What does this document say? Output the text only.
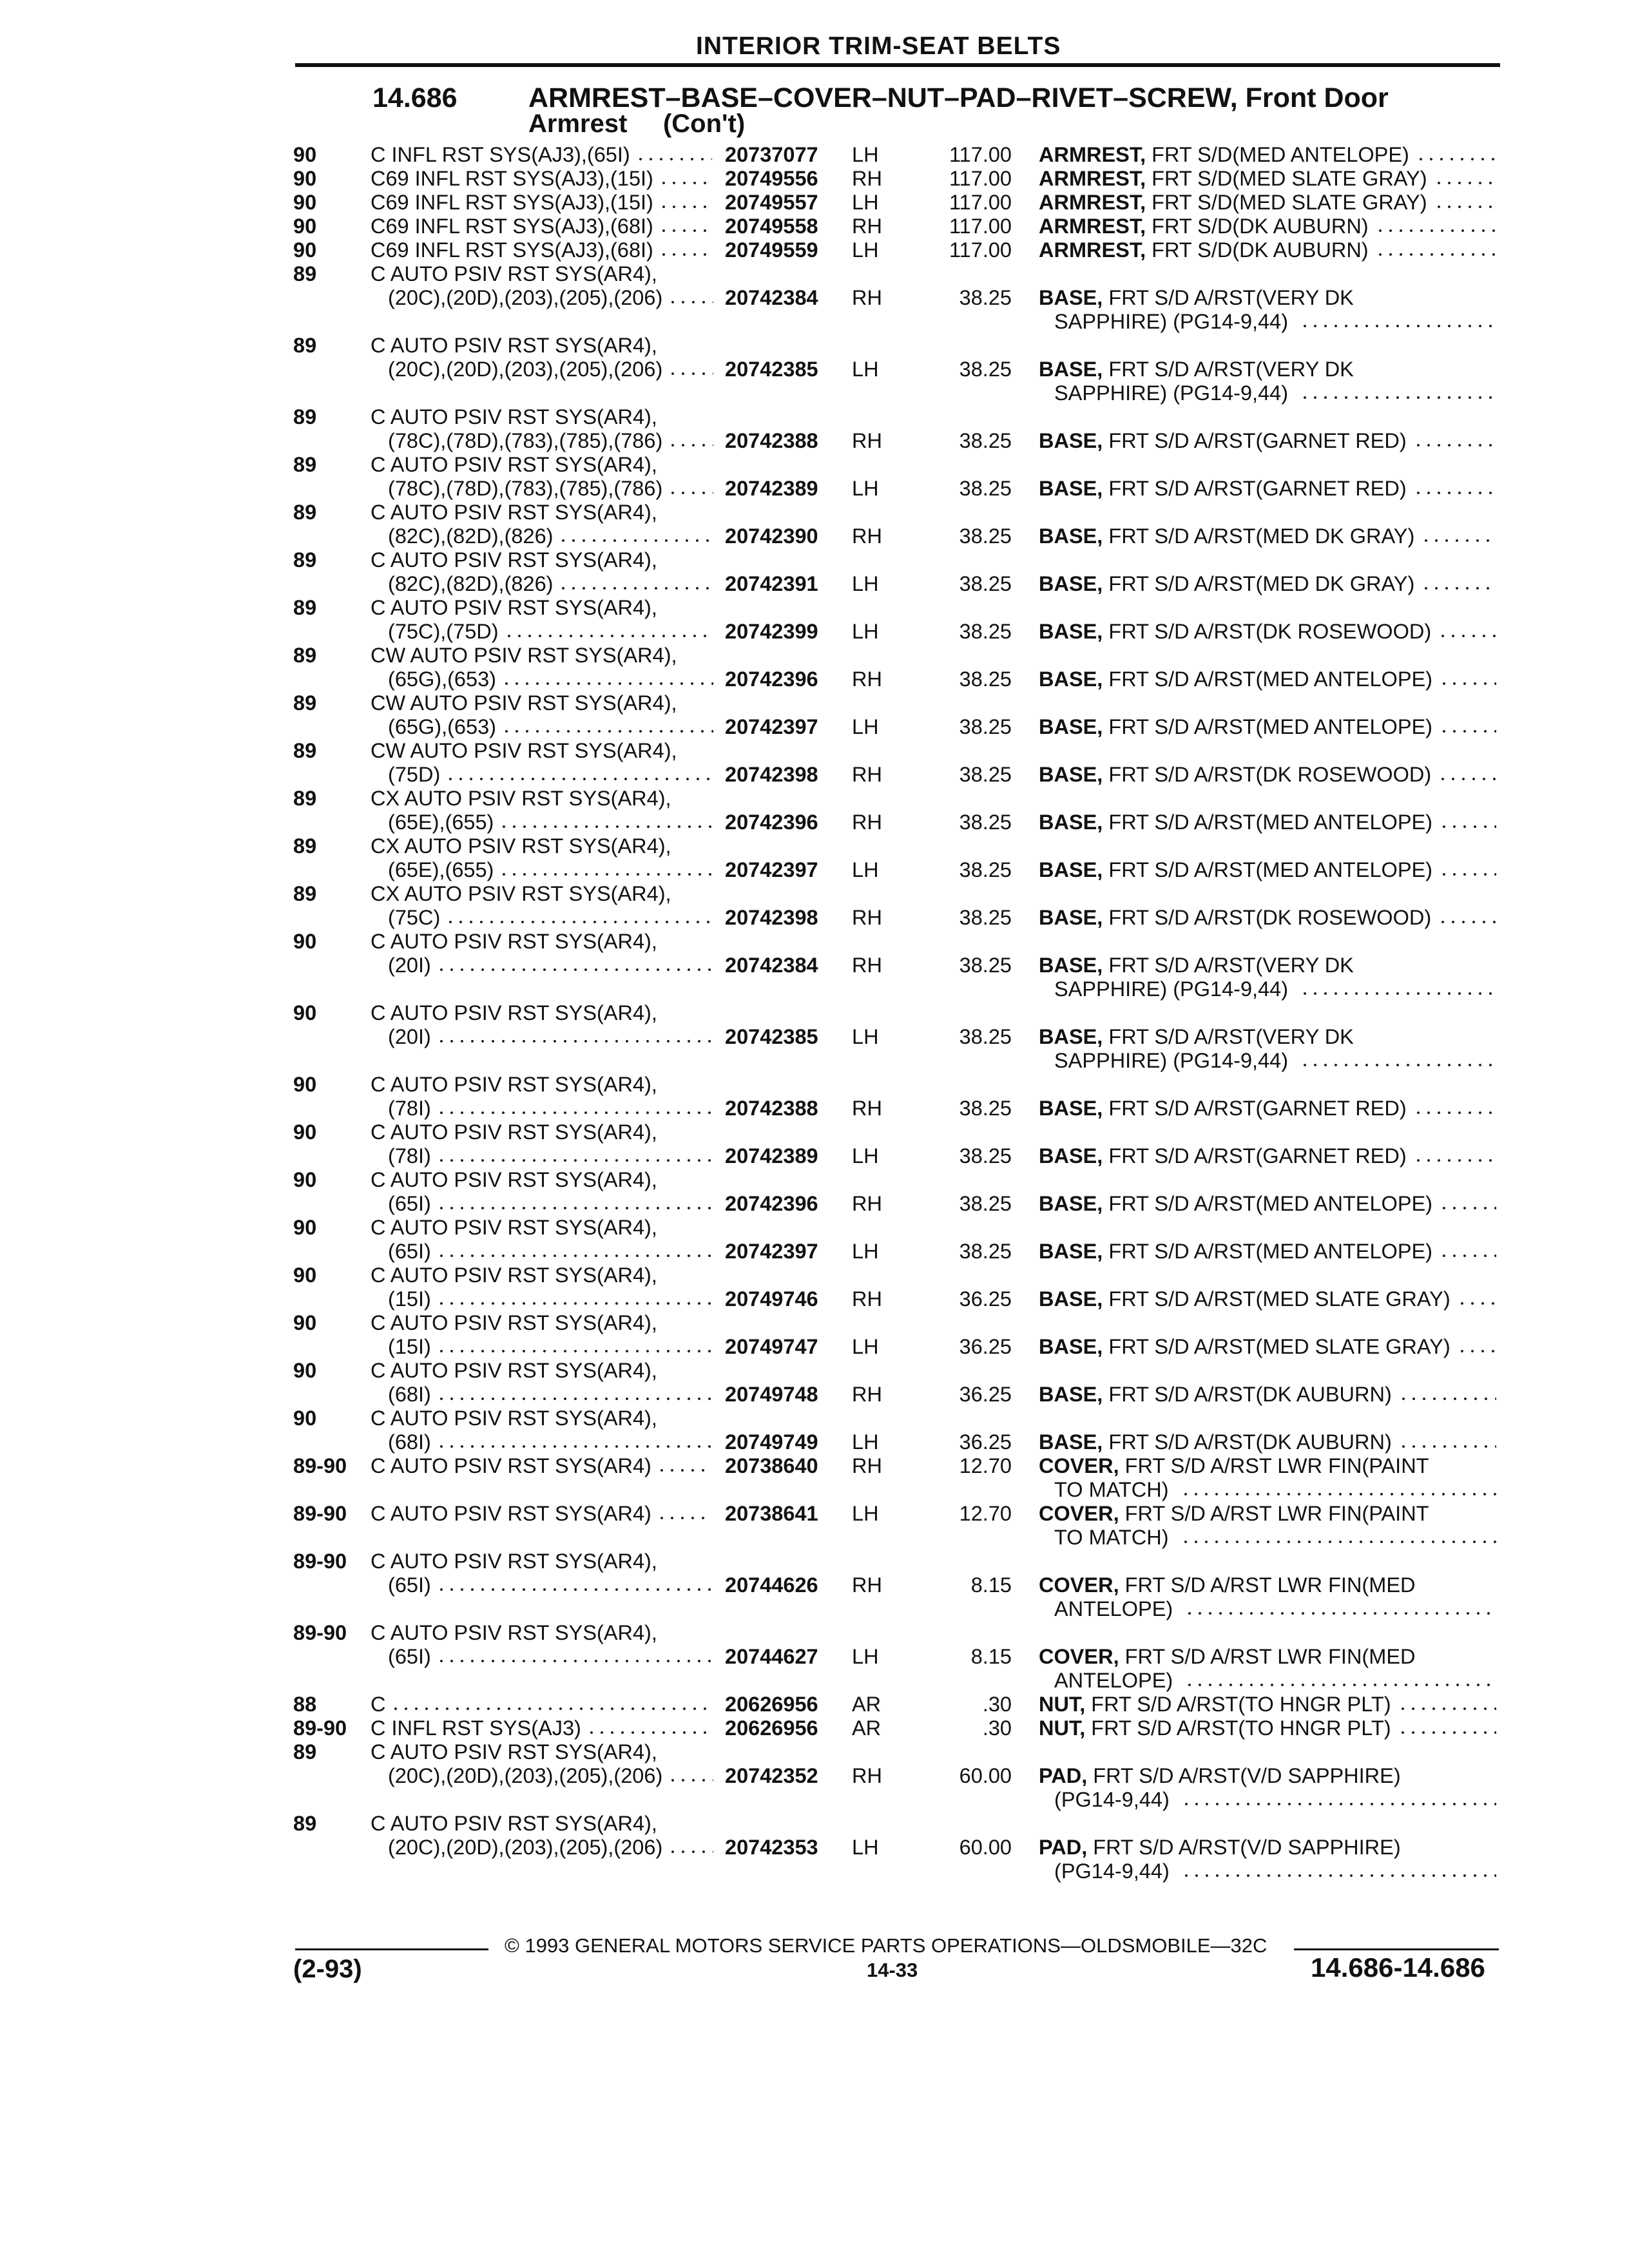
INTERIOR TRIM-SEAT BELTS
14.686	ARMREST–BASE–COVER–NUT–PAD–RIVET–SCREW, Front Door
Armrest     (Con't)
90	C INFL RST SYS(AJ3),(65I)	20737077	LH	117.00 ARMREST, FRT S/D(MED ANTELOPE)
90	C69 INFL RST SYS(AJ3),(15I)	20749556	RH	117.00 ARMREST, FRT S/D(MED SLATE GRAY)
90	C69 INFL RST SYS(AJ3),(15I)	20749557	LH	117.00 ARMREST, FRT S/D(MED SLATE GRAY)
90	C69 INFL RST SYS(AJ3),(68I)	20749558	RH	117.00 ARMREST, FRT S/D(DK AUBURN)
90	C69 INFL RST SYS(AJ3),(68I)	20749559	LH	117.00 ARMREST, FRT S/D(DK AUBURN)
89	C AUTO PSIV RST SYS(AR4),
(20C),(20D),(203),(205),(206)	20742384	RH	38.25 BASE, FRT S/D A/RST(VERY DK
SAPPHIRE) (PG14-9,44)
89	C AUTO PSIV RST SYS(AR4),
(20C),(20D),(203),(205),(206)	20742385	LH	38.25 BASE, FRT S/D A/RST(VERY DK
SAPPHIRE) (PG14-9,44)
89	C AUTO PSIV RST SYS(AR4),
(78C),(78D),(783),(785),(786)	20742388	RH	38.25 BASE, FRT S/D A/RST(GARNET RED)
89	C AUTO PSIV RST SYS(AR4),
(78C),(78D),(783),(785),(786)	20742389	LH	38.25 BASE, FRT S/D A/RST(GARNET RED)
89	C AUTO PSIV RST SYS(AR4),
(82C),(82D),(826)	20742390	RH	38.25 BASE, FRT S/D A/RST(MED DK GRAY)
89	C AUTO PSIV RST SYS(AR4),
(82C),(82D),(826)	20742391	LH	38.25 BASE, FRT S/D A/RST(MED DK GRAY)
89	C AUTO PSIV RST SYS(AR4),
(75C),(75D)	20742399	LH	38.25 BASE, FRT S/D A/RST(DK ROSEWOOD)
89	CW AUTO PSIV RST SYS(AR4),
(65G),(653)	20742396	RH	38.25 BASE, FRT S/D A/RST(MED ANTELOPE)
89	CW AUTO PSIV RST SYS(AR4),
(65G),(653)	20742397	LH	38.25 BASE, FRT S/D A/RST(MED ANTELOPE)
89	CW AUTO PSIV RST SYS(AR4),
(75D)	20742398	RH	38.25 BASE, FRT S/D A/RST(DK ROSEWOOD)
89	CX AUTO PSIV RST SYS(AR4),
(65E),(655)	20742396	RH	38.25 BASE, FRT S/D A/RST(MED ANTELOPE)
89	CX AUTO PSIV RST SYS(AR4),
(65E),(655)	20742397	LH	38.25 BASE, FRT S/D A/RST(MED ANTELOPE)
89	CX AUTO PSIV RST SYS(AR4),
(75C)	20742398	RH	38.25 BASE, FRT S/D A/RST(DK ROSEWOOD)
90	C AUTO PSIV RST SYS(AR4),
(20I)	20742384	RH	38.25 BASE, FRT S/D A/RST(VERY DK
SAPPHIRE) (PG14-9,44)
90	C AUTO PSIV RST SYS(AR4),
(20I)	20742385	LH	38.25 BASE, FRT S/D A/RST(VERY DK
SAPPHIRE) (PG14-9,44)
90	C AUTO PSIV RST SYS(AR4),
(78I)	20742388	RH	38.25 BASE, FRT S/D A/RST(GARNET RED)
90	C AUTO PSIV RST SYS(AR4),
(78I)	20742389	LH	38.25 BASE, FRT S/D A/RST(GARNET RED)
90	C AUTO PSIV RST SYS(AR4),
(65I)	20742396	RH	38.25 BASE, FRT S/D A/RST(MED ANTELOPE)
90	C AUTO PSIV RST SYS(AR4),
(65I)	20742397	LH	38.25 BASE, FRT S/D A/RST(MED ANTELOPE)
90	C AUTO PSIV RST SYS(AR4),
(15I)	20749746	RH	36.25 BASE, FRT S/D A/RST(MED SLATE GRAY)
90	C AUTO PSIV RST SYS(AR4),
(15I)	20749747	LH	36.25 BASE, FRT S/D A/RST(MED SLATE GRAY)
90	C AUTO PSIV RST SYS(AR4),
(68I)	20749748	RH	36.25 BASE, FRT S/D A/RST(DK AUBURN)
90	C AUTO PSIV RST SYS(AR4),
(68I)	20749749	LH	36.25 BASE, FRT S/D A/RST(DK AUBURN)
89-90 C AUTO PSIV RST SYS(AR4)	20738640	RH	12.70 COVER, FRT S/D A/RST LWR FIN(PAINT
TO MATCH)
89-90 C AUTO PSIV RST SYS(AR4)	20738641	LH	12.70 COVER, FRT S/D A/RST LWR FIN(PAINT
TO MATCH)
89-90 C AUTO PSIV RST SYS(AR4),
(65I)	20744626	RH	8.15 COVER, FRT S/D A/RST LWR FIN(MED
ANTELOPE)
89-90 C AUTO PSIV RST SYS(AR4),
(65I)	20744627	LH	8.15 COVER, FRT S/D A/RST LWR FIN(MED
ANTELOPE)
88	C	20626956	AR	.30 NUT, FRT S/D A/RST(TO HNGR PLT)
89-90 C INFL RST SYS(AJ3)	20626956	AR	.30 NUT, FRT S/D A/RST(TO HNGR PLT)
89	C AUTO PSIV RST SYS(AR4),
(20C),(20D),(203),(205),(206)	20742352	RH	60.00 PAD, FRT S/D A/RST(V/D SAPPHIRE)
(PG14-9,44)
89	C AUTO PSIV RST SYS(AR4),
(20C),(20D),(203),(205),(206)	20742353	LH	60.00 PAD, FRT S/D A/RST(V/D SAPPHIRE)
(PG14-9,44)
© 1993 GENERAL MOTORS SERVICE PARTS OPERATIONS—OLDSMOBILE—32C
(2-93)	14-33	14.686-14.686
